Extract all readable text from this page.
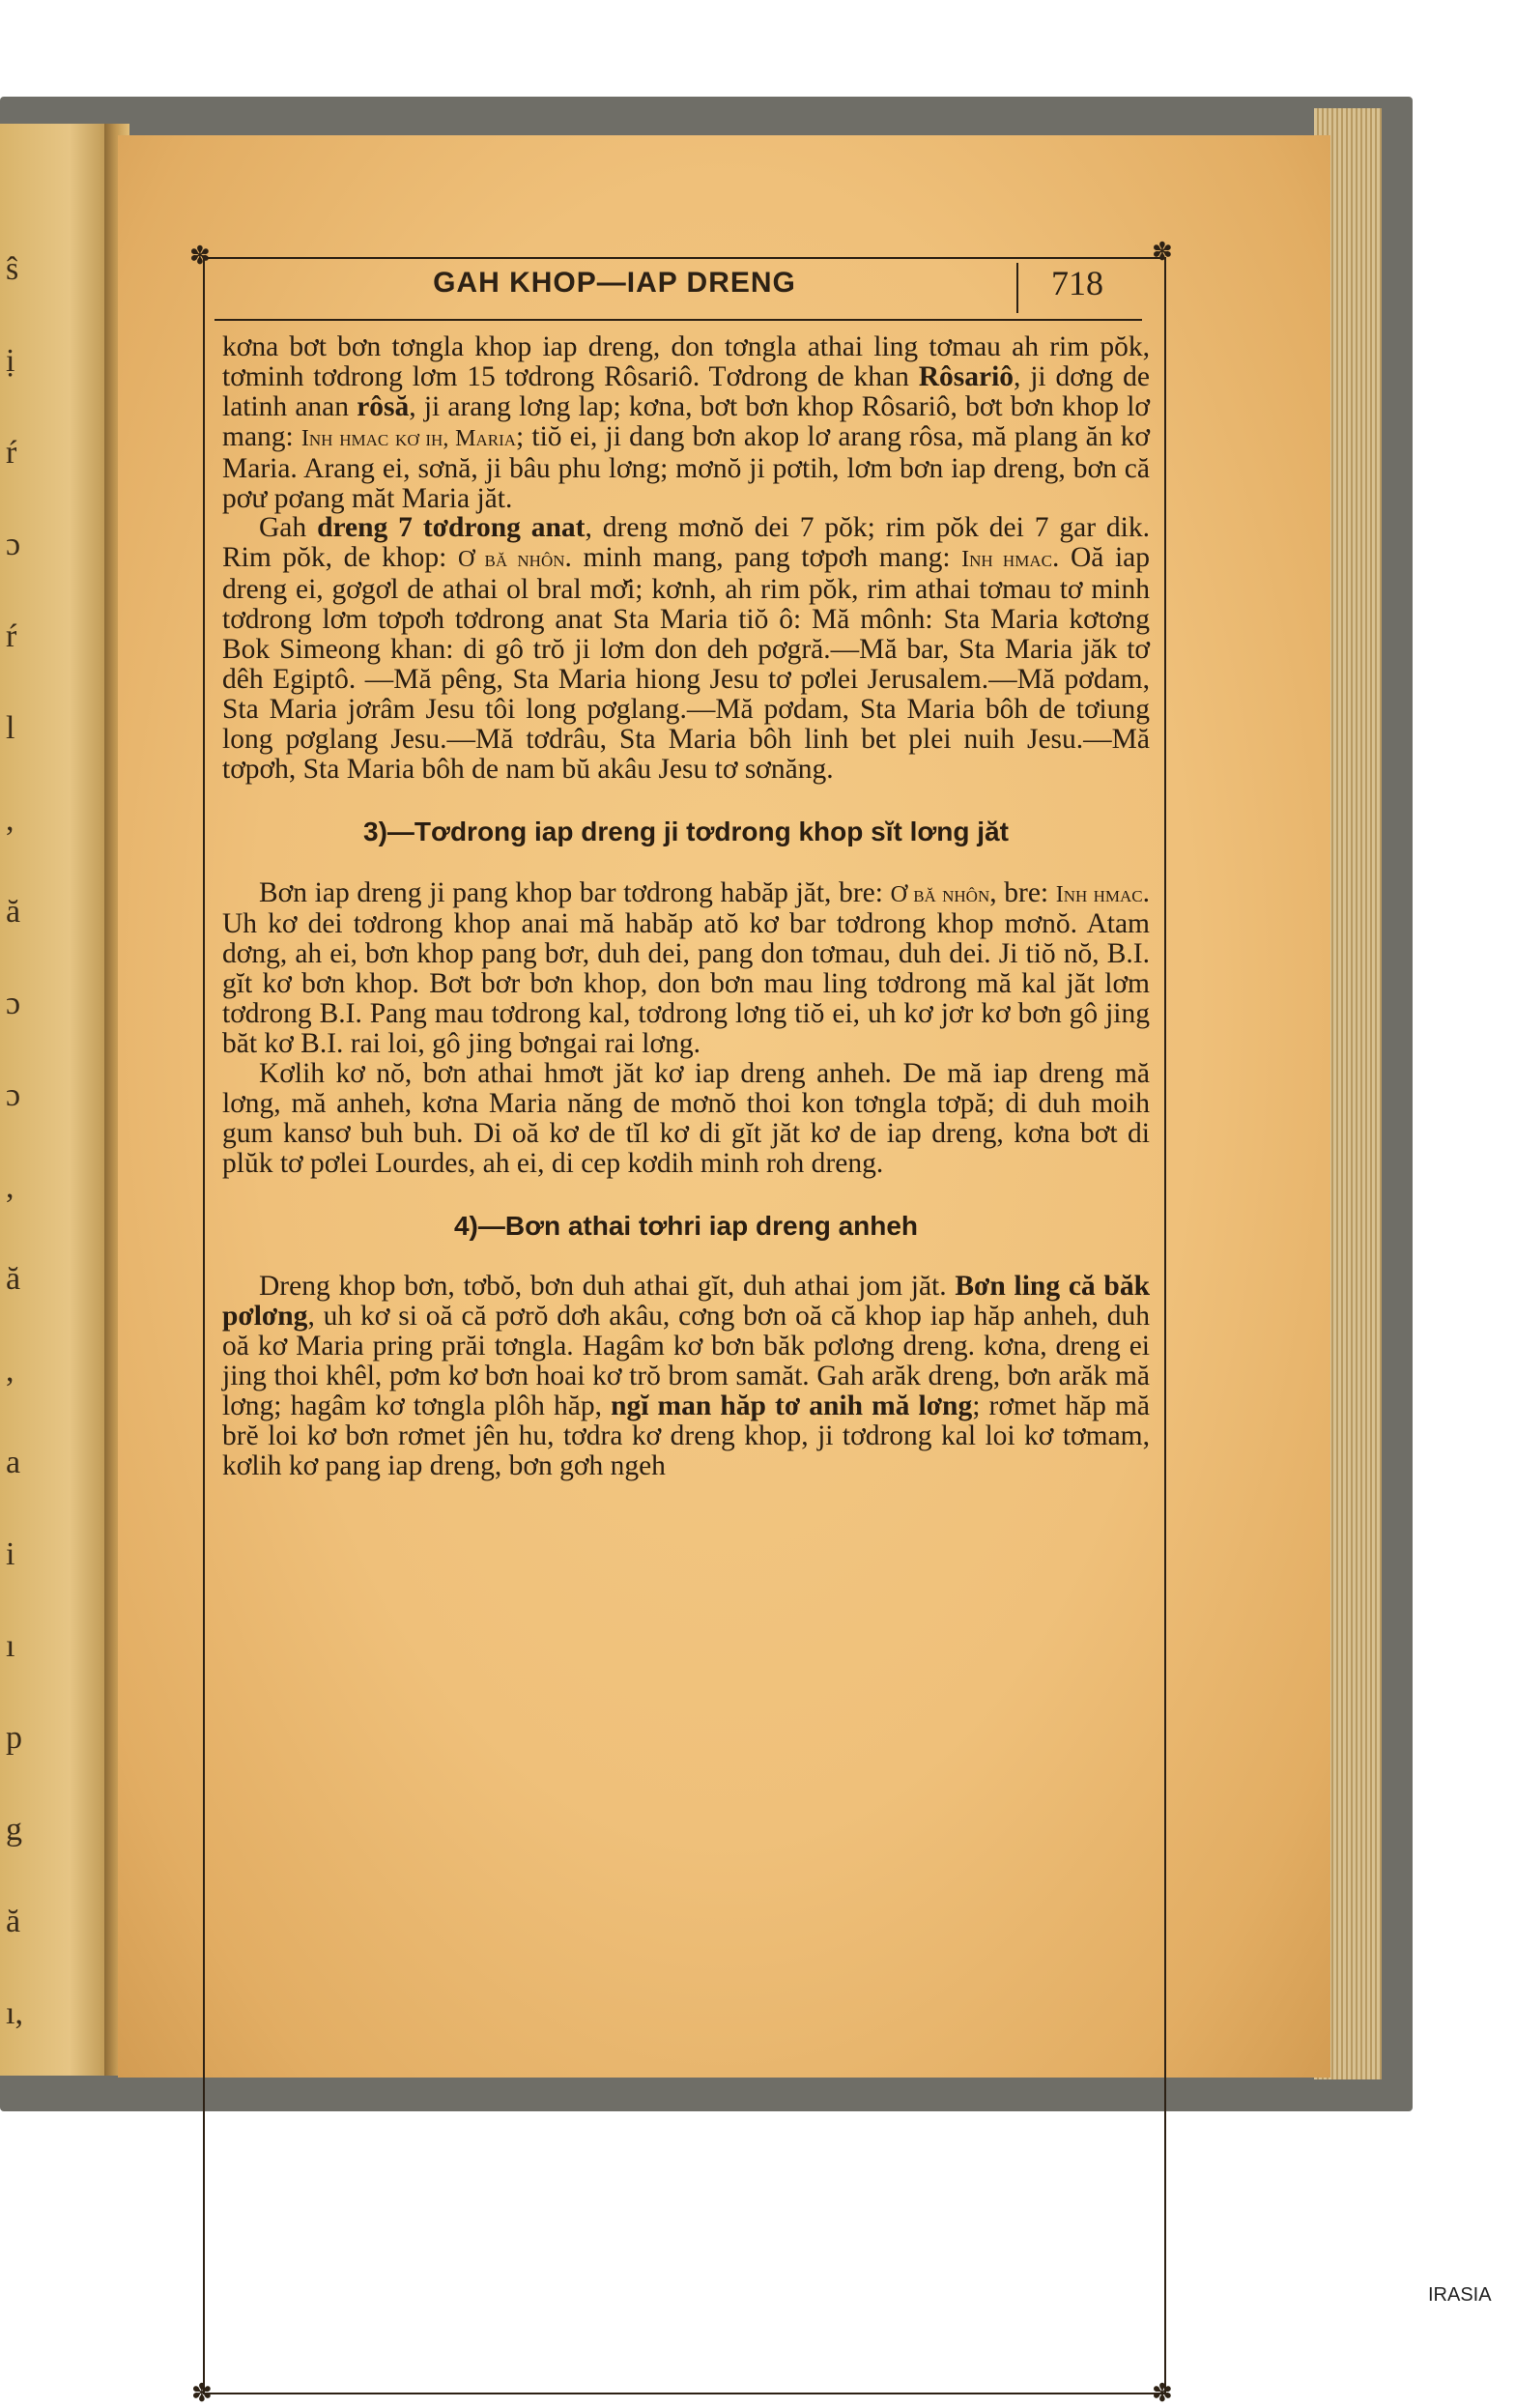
ŝ
ị
ŕ
ɔ
ŕ
l
,
ă
ɔ
ɔ
,
ă
,
a
i
ı
p
g
ă
ı,
✽	✽
✽	✽
GAH KHOP—IAP DRENG	718

kơna bơt bơn tơngla khop iap dreng, don tơngla athai ling tơmau ah rim pŏk, tơminh tơdrong lơm 15 tơdrong Rôsariô. Tơdrong de khan Rôsariô, ji dơng de latinh anan rôsă, ji arang lơng lap; kơna, bơt bơn khop Rôsariô, bơt bơn khop lơ mang: Inh hmac kơ ih, Maria; tiŏ ei, ji dang bơn akop lơ arang rôsa, mă plang ăn kơ Maria. Arang ei, sơnă, ji bâu phu lơng; mơnŏ ji pơtih, lơm bơn iap dreng, bơn că pơư pơang măt Maria jăt.

Gah dreng 7 tơdrong anat, dreng mơnŏ dei 7 pŏk; rim pŏk dei 7 gar dik. Rim pŏk, de khop: Ơ bă nhôn. minh mang, pang tơpơh mang: Inh hmac. Oă iap dreng ei, gơgơl de athai ol bral mơ̆i; kơnh, ah rim pŏk, rim athai tơmau tơ minh tơdrong lơm tơpơh tơdrong anat Sta Maria tiŏ ô: Mă mônh: Sta Maria kơtơng Bok Simeong khan: di gô trŏ ji lơm don deh pơgră.—Mă bar, Sta Maria jăk tơ dêh Egiptô. —Mă pêng, Sta Maria hiong Jesu tơ pơlei Jerusalem.—Mă pơdam, Sta Maria jơrâm Jesu tôi long pơglang.—Mă pơdam, Sta Maria bôh de tơiung long pơglang Jesu.—Mă tơdrâu, Sta Maria bôh linh bet plei nuih Jesu.—Mă tơpơh, Sta Maria bôh de nam bŭ akâu Jesu tơ sơnăng.

3)—Tơdrong iap dreng ji tơdrong khop sĭt lơng jăt

Bơn iap dreng ji pang khop bar tơdrong habăp jăt, bre: Ơ bă nhôn, bre: Inh hmac. Uh kơ dei tơdrong khop anai mă habăp atŏ kơ bar tơdrong khop mơnŏ. Atam dơng, ah ei, bơn khop pang bơr, duh dei, pang don tơmau, duh dei. Ji tiŏ nŏ, B.I. gĭt kơ bơn khop. Bơt bơr bơn khop, don bơn mau ling tơdrong mă kal jăt lơm tơdrong B.I. Pang mau tơdrong kal, tơdrong lơng tiŏ ei, uh kơ jơr kơ bơn gô jing băt kơ B.I. rai loi, gô jing bơngai rai lơng.

Kơlih kơ nŏ, bơn athai hmơt jăt kơ iap dreng anheh. De mă iap dreng mă lơng, mă anheh, kơna Maria năng de mơnŏ thoi kon tơngla tơpă; di duh moih gum kansơ buh buh. Di oă kơ de tĭl kơ di gĭt jăt kơ de iap dreng, kơna bơt di plŭk tơ pơlei Lourdes, ah ei, di cep kơdih minh roh dreng.

4)—Bơn athai tơhri iap dreng anheh

Dreng khop bơn, tơbŏ, bơn duh athai gĭt, duh athai jom jăt. Bơn ling că băk pơlơng, uh kơ si oă că pơrŏ dơh akâu, cơng bơn oă că khop iap hăp anheh, duh oă kơ Maria pring prăi tơngla. Hagâm kơ bơn băk pơlơng dreng. kơna, dreng ei jing thoi khêl, pơm kơ bơn hoai kơ trŏ brom samăt. Gah arăk dreng, bơn arăk mă lơng; hagâm kơ tơngla plôh hăp, ngĭ man hăp tơ anih mă lơng; rơmet hăp mă brĕ loi kơ bơn rơmet jên hu, tơdra kơ dreng khop, ji tơdrong kal loi kơ tơmam, kơlih kơ pang iap dreng, bơn gơh ngeh

IRASIA
